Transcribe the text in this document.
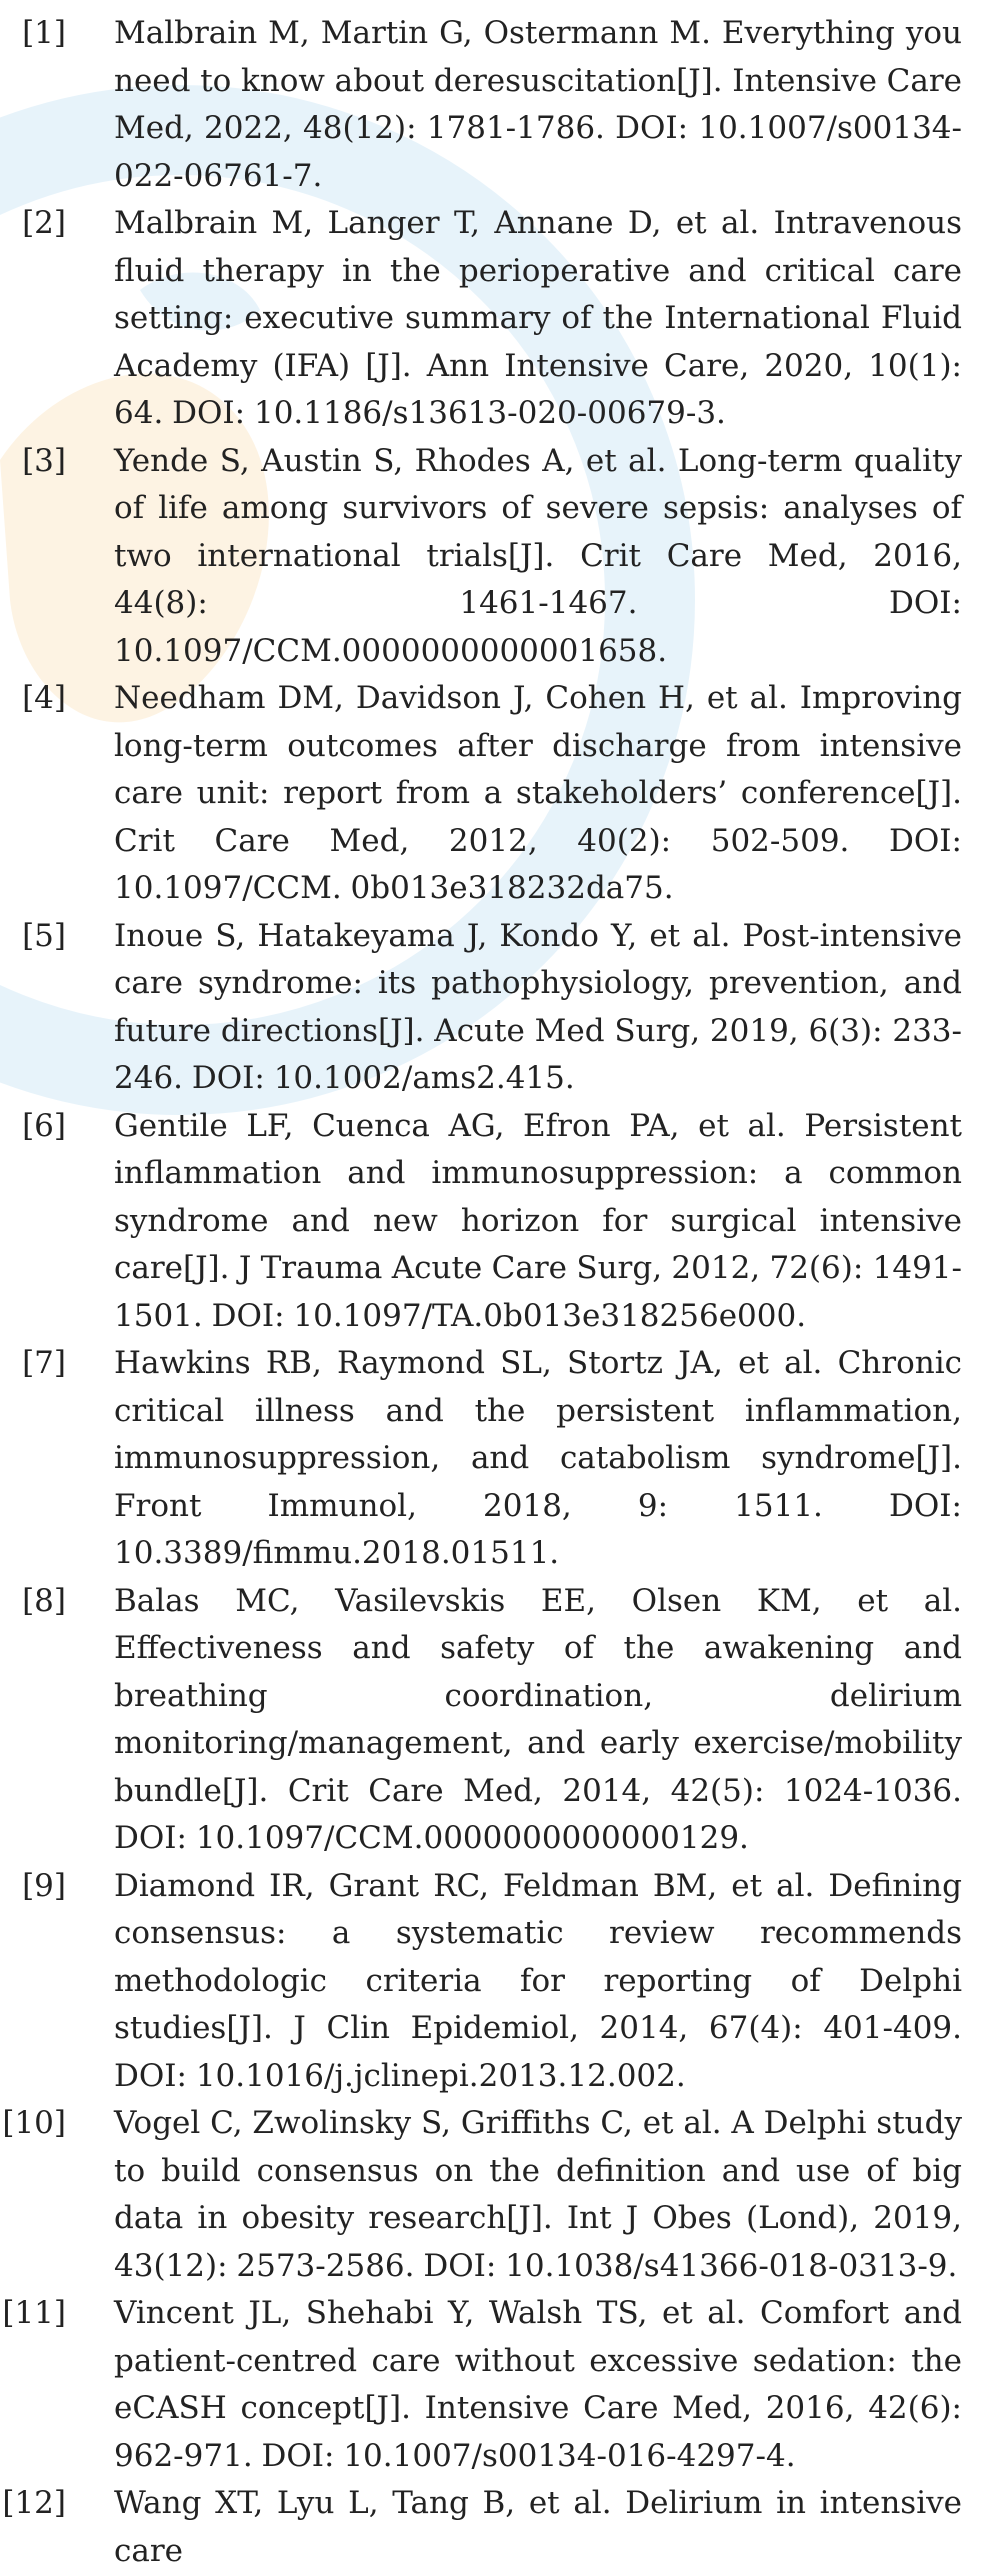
[1] Malbrain M, Martin G, Ostermann M. Everything you need to know about deresuscitation[J]. Intensive Care Med, 2022, 48(12): 1781-1786. DOI: 10.1007/s00134-022-06761-7.
[2] Malbrain M, Langer T, Annane D, et al. Intravenous fluid therapy in the perioperative and critical care setting: executive summary of the International Fluid Academy (IFA) [J]. Ann Intensive Care, 2020, 10(1): 64. DOI: 10.1186/s13613-020-00679-3.
[3] Yende S, Austin S, Rhodes A, et al. Long-term quality of life among survivors of severe sepsis: analyses of two international trials[J]. Crit Care Med, 2016, 44(8): 1461-1467. DOI: 10.1097/CCM.0000000000001658.
[4] Needham DM, Davidson J, Cohen H, et al. Improving long-term outcomes after discharge from intensive care unit: report from a stakeholders’ conference[J]. Crit Care Med, 2012, 40(2): 502-509. DOI: 10.1097/CCM. 0b013e318232da75.
[5] Inoue S, Hatakeyama J, Kondo Y, et al. Post-intensive care syndrome: its pathophysiology, prevention, and future directions[J]. Acute Med Surg, 2019, 6(3): 233-246. DOI: 10.1002/ams2.415.
[6] Gentile LF, Cuenca AG, Efron PA, et al. Persistent inflammation and immunosuppression: a common syndrome and new horizon for surgical intensive care[J]. J Trauma Acute Care Surg, 2012, 72(6): 1491-1501. DOI: 10.1097/TA.0b013e318256e000.
[7] Hawkins RB, Raymond SL, Stortz JA, et al. Chronic critical illness and the persistent inflammation, immunosuppression, and catabolism syndrome[J]. Front Immunol, 2018, 9: 1511. DOI: 10.3389/fimmu.2018.01511.
[8] Balas MC, Vasilevskis EE, Olsen KM, et al. Effectiveness and safety of the awakening and breathing coordination, delirium monitoring/management, and early exercise/mobility bundle[J]. Crit Care Med, 2014, 42(5): 1024-1036. DOI: 10.1097/CCM.0000000000000129.
[9] Diamond IR, Grant RC, Feldman BM, et al. Defining consensus: a systematic review recommends methodologic criteria for reporting of Delphi studies[J]. J Clin Epidemiol, 2014, 67(4): 401-409. DOI: 10.1016/j.jclinepi.2013.12.002.
[10] Vogel C, Zwolinsky S, Griffiths C, et al. A Delphi study to build consensus on the definition and use of big data in obesity research[J]. Int J Obes (Lond), 2019, 43(12): 2573-2586. DOI: 10.1038/s41366-018-0313-9.
[11] Vincent JL, Shehabi Y, Walsh TS, et al. Comfort and patient-centred care without excessive sedation: the eCASH concept[J]. Intensive Care Med, 2016, 42(6): 962-971. DOI: 10.1007/s00134-016-4297-4.
[12] Wang XT, Lyu L, Tang B, et al. Delirium in intensive care
